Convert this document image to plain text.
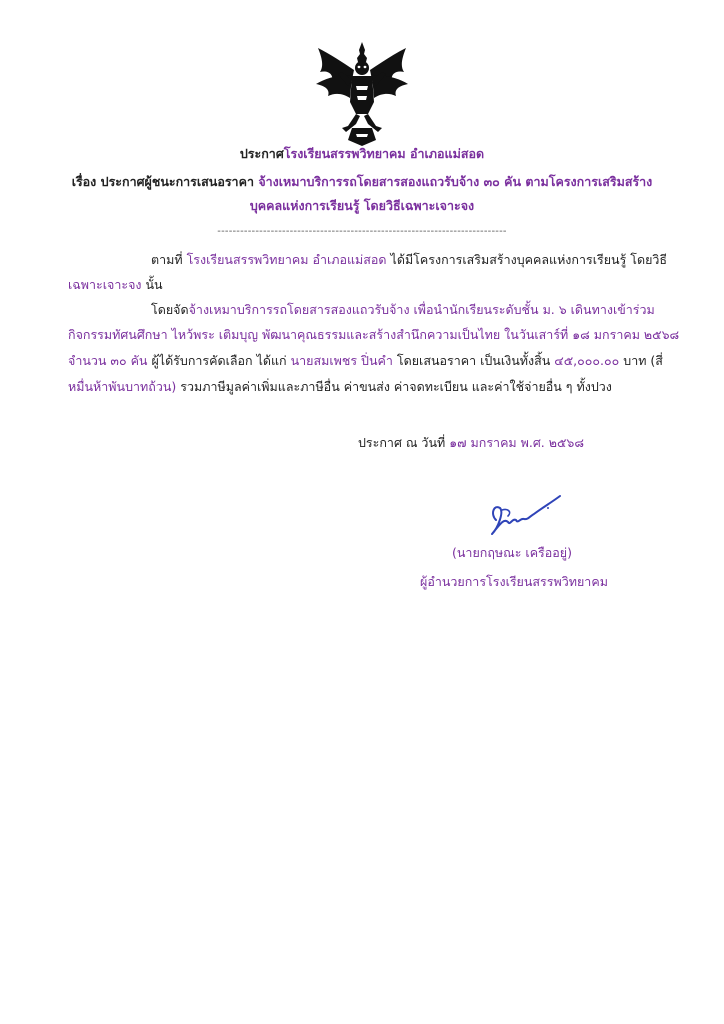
ประกาศโรงเรียนสรรพวิทยาคม อำเภอแม่สอด
เรื่อง ประกาศผู้ชนะการเสนอราคา จ้างเหมาบริการรถโดยสารสองแถวรับจ้าง ๓๐ คัน ตามโครงการเสริมสร้าง
บุคคลแห่งการเรียนรู้ โดยวิธีเฉพาะเจาะจง
----------------------------------------------------------------------------
ตามที่ โรงเรียนสรรพวิทยาคม อำเภอแม่สอด ได้มีโครงการเสริมสร้างบุคคลแห่งการเรียนรู้ โดยวิธี
เฉพาะเจาะจง นั้น
โดยจัดจ้างเหมาบริการรถโดยสารสองแถวรับจ้าง เพื่อนำนักเรียนระดับชั้น ม. ๖ เดินทางเข้าร่วม
กิจกรรมทัศนศึกษา ไหว้พระ เติมบุญ พัฒนาคุณธรรมและสร้างสำนึกความเป็นไทย ในวันเสาร์ที่ ๑๘ มกราคม ๒๕๖๘
จำนวน ๓๐ คัน ผู้ได้รับการคัดเลือก ได้แก่ นายสมเพชร ปิ่นคำ โดยเสนอราคา เป็นเงินทั้งสิ้น ๔๕,๐๐๐.๐๐ บาท (สี่
หมื่นห้าพันบาทถ้วน) รวมภาษีมูลค่าเพิ่มและภาษีอื่น ค่าขนส่ง ค่าจดทะเบียน และค่าใช้จ่ายอื่น ๆ ทั้งปวง
ประกาศ ณ วันที่ ๑๗ มกราคม พ.ศ. ๒๕๖๘
(นายกฤษณะ เครืออยู่)
ผู้อำนวยการโรงเรียนสรรพวิทยาคม
